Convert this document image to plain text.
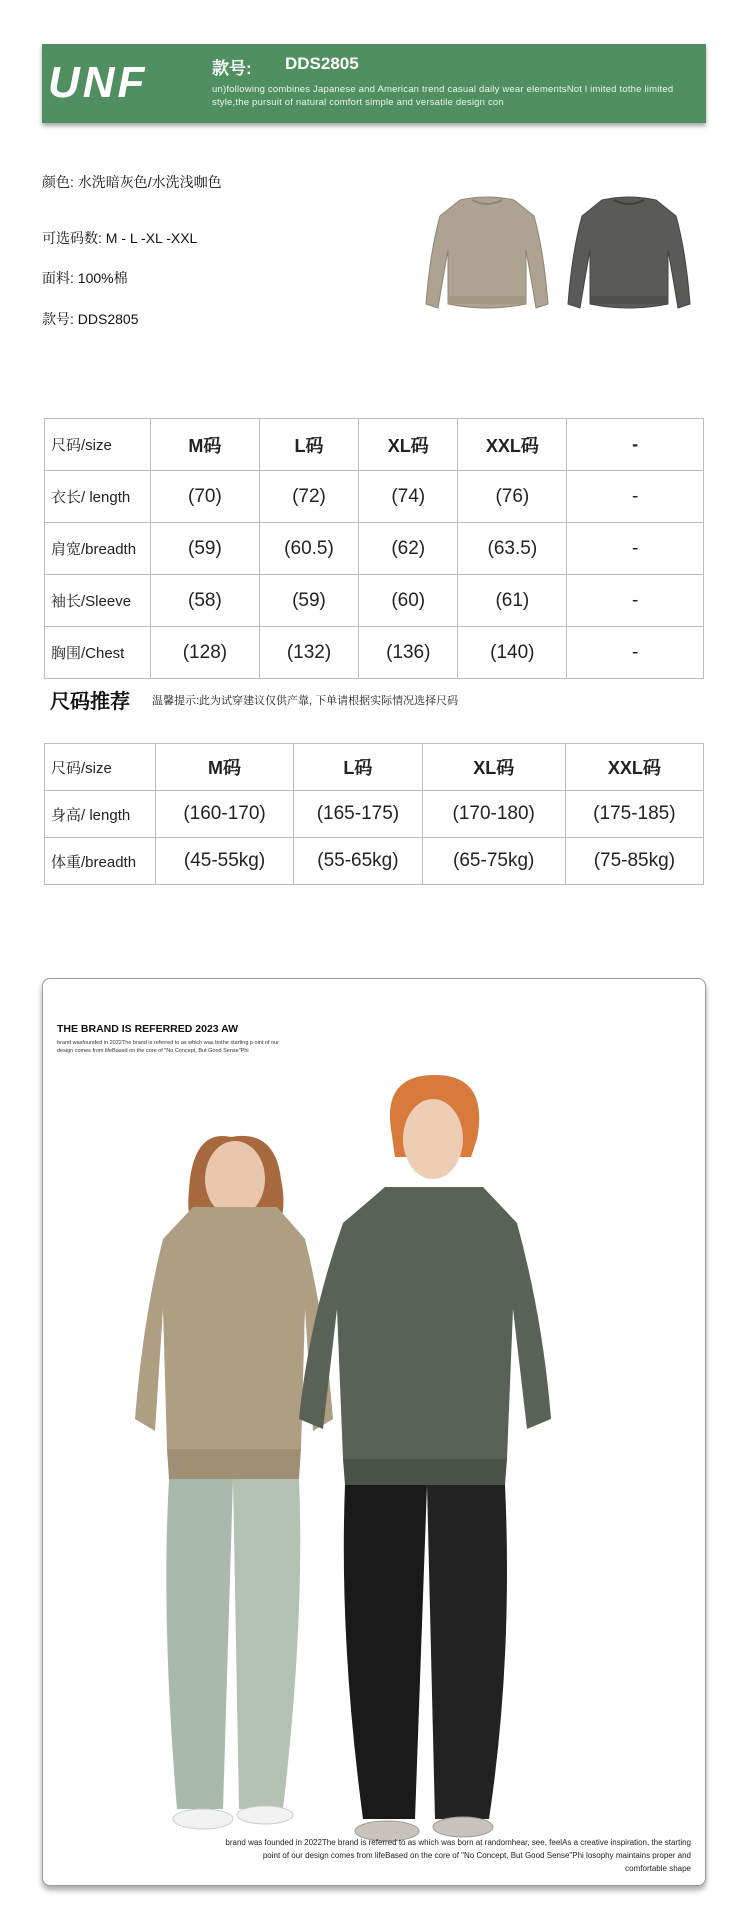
UNF	款号: DDS2805
un)following combines Japanese and American trend casual daily wear elementsNot l imited tothe limited style,the pursuit of natural comfort simple and versatile design con
颜色: 水洗暗灰色/水洗浅咖色
可选码数: M - L -XL -XXL
面料: 100%棉
款号: DDS2805
尺码/size	M码	L码	XL码	XXL码	-
衣长/ length	(70)	(72)	(74)	(76)	-
肩宽/breadth	(59)	(60.5)	(62)	(63.5)	-
袖长/Sleeve	(58)	(59)	(60)	(61)	-
胸围/Chest	(128)	(132)	(136)	(140)	-
尺码推荐 温馨提示:此为试穿建议仅供产靠, 下单请根据实际情况选择尺码
尺码/size	M码	L码	XL码	XXL码
身高/ length	(160-170)	(165-175)	(170-180)	(175-185)
体重/breadth	(45-55kg)	(55-65kg)	(65-75kg)	(75-85kg)
THE BRAND IS REFERRED 2023 AW
brand wasfounded in 2022The brand is referred to as which was bothe starting p oint of our design comes from lifeBased on the core of "No Concept, But Good Sense"Phi
brand was founded in 2022The brand is referred to as which was born at randomhear, see, feelAs a creative inspiration, the starting point of our design comes from lifeBased on the core of "No Concept, But Good Sense"Phi losophy maintains proper and comfortable shape
